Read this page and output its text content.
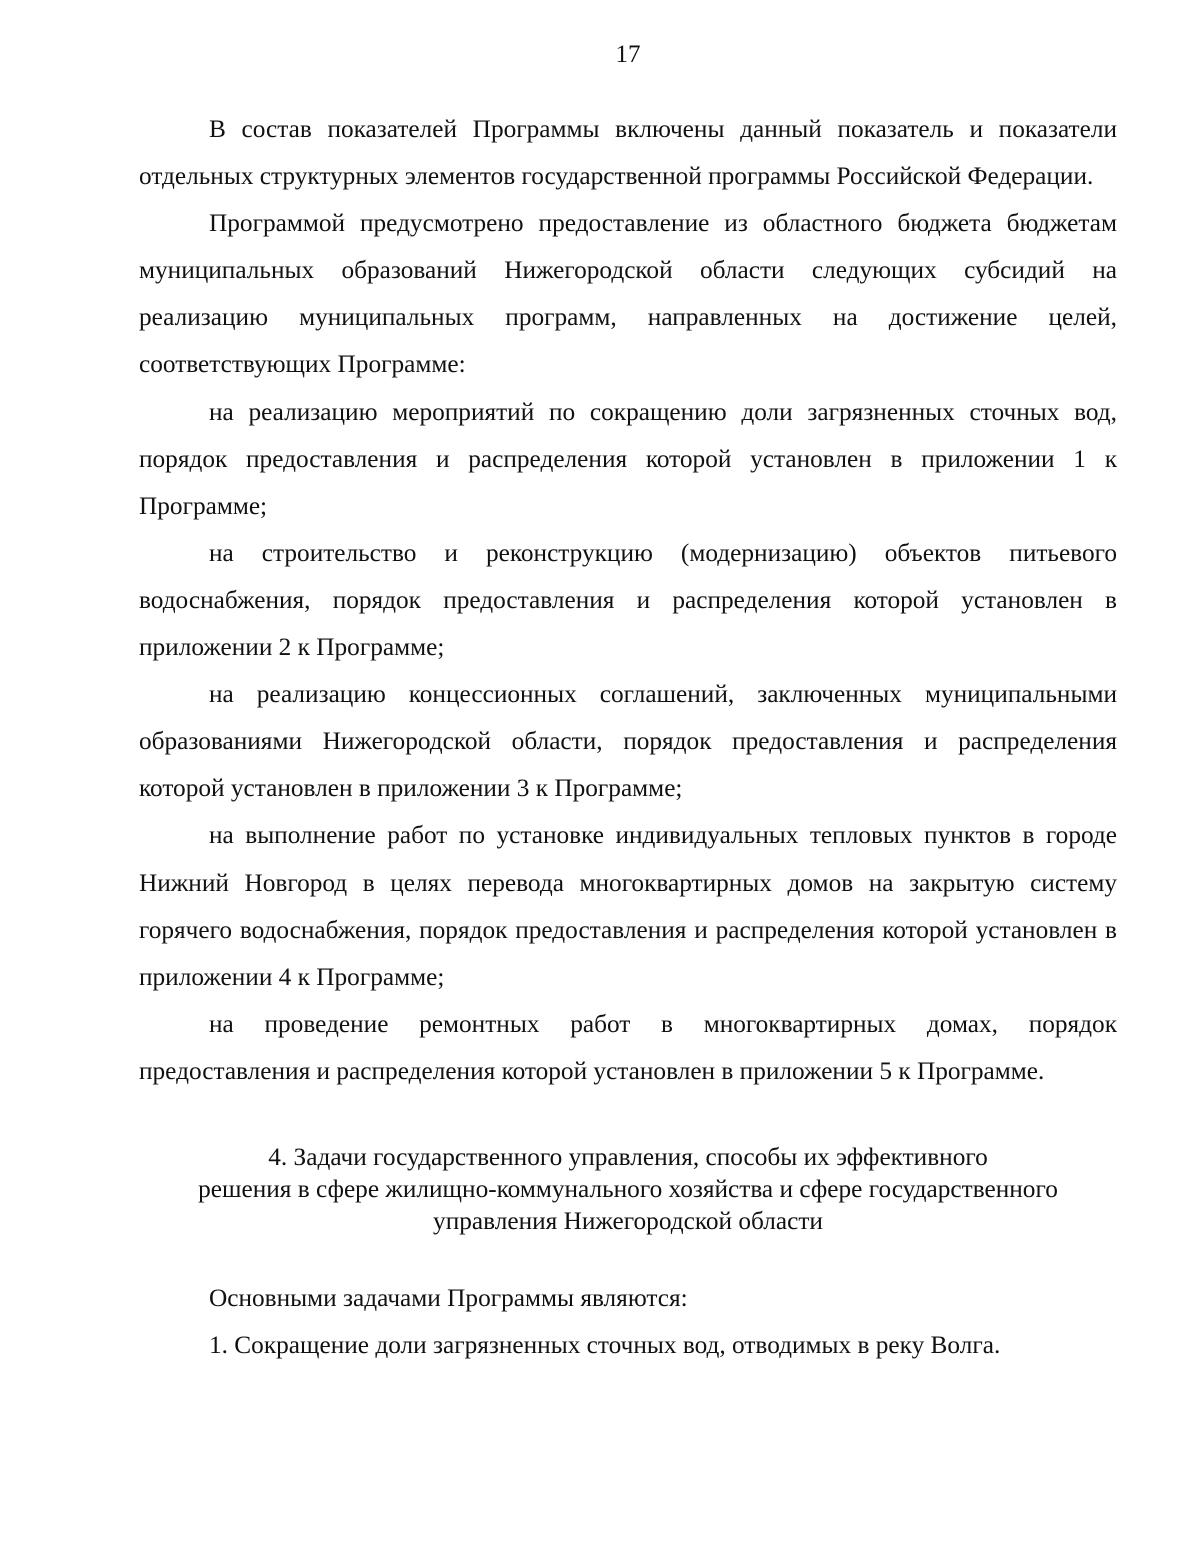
17

В состав показателей Программы включены данный показатель и показатели отдельных структурных элементов государственной программы Российской Федерации.

Программой предусмотрено предоставление из областного бюджета бюджетам муниципальных образований Нижегородской области следующих субсидий на реализацию муниципальных программ, направленных на достижение целей, соответствующих Программе:

на реализацию мероприятий по сокращению доли загрязненных сточных вод, порядок предоставления и распределения которой установлен в приложении 1 к Программе;

на строительство и реконструкцию (модернизацию) объектов питьевого водоснабжения, порядок предоставления и распределения которой установлен в приложении 2 к Программе;

на реализацию концессионных соглашений, заключенных муниципальными образованиями Нижегородской области, порядок предоставления и распределения которой установлен в приложении 3 к Программе;

на выполнение работ по установке индивидуальных тепловых пунктов в городе Нижний Новгород в целях перевода многоквартирных домов на закрытую систему горячего водоснабжения, порядок предоставления и распределения которой установлен в приложении 4 к Программе;

на проведение ремонтных работ в многоквартирных домах, порядок предоставления и распределения которой установлен в приложении 5 к Программе.

4. Задачи государственного управления, способы их эффективного
решения в сфере жилищно-коммунального хозяйства и сфере государственного
управления Нижегородской области

Основными задачами Программы являются:

1. Сокращение доли загрязненных сточных вод, отводимых в реку Волга.
